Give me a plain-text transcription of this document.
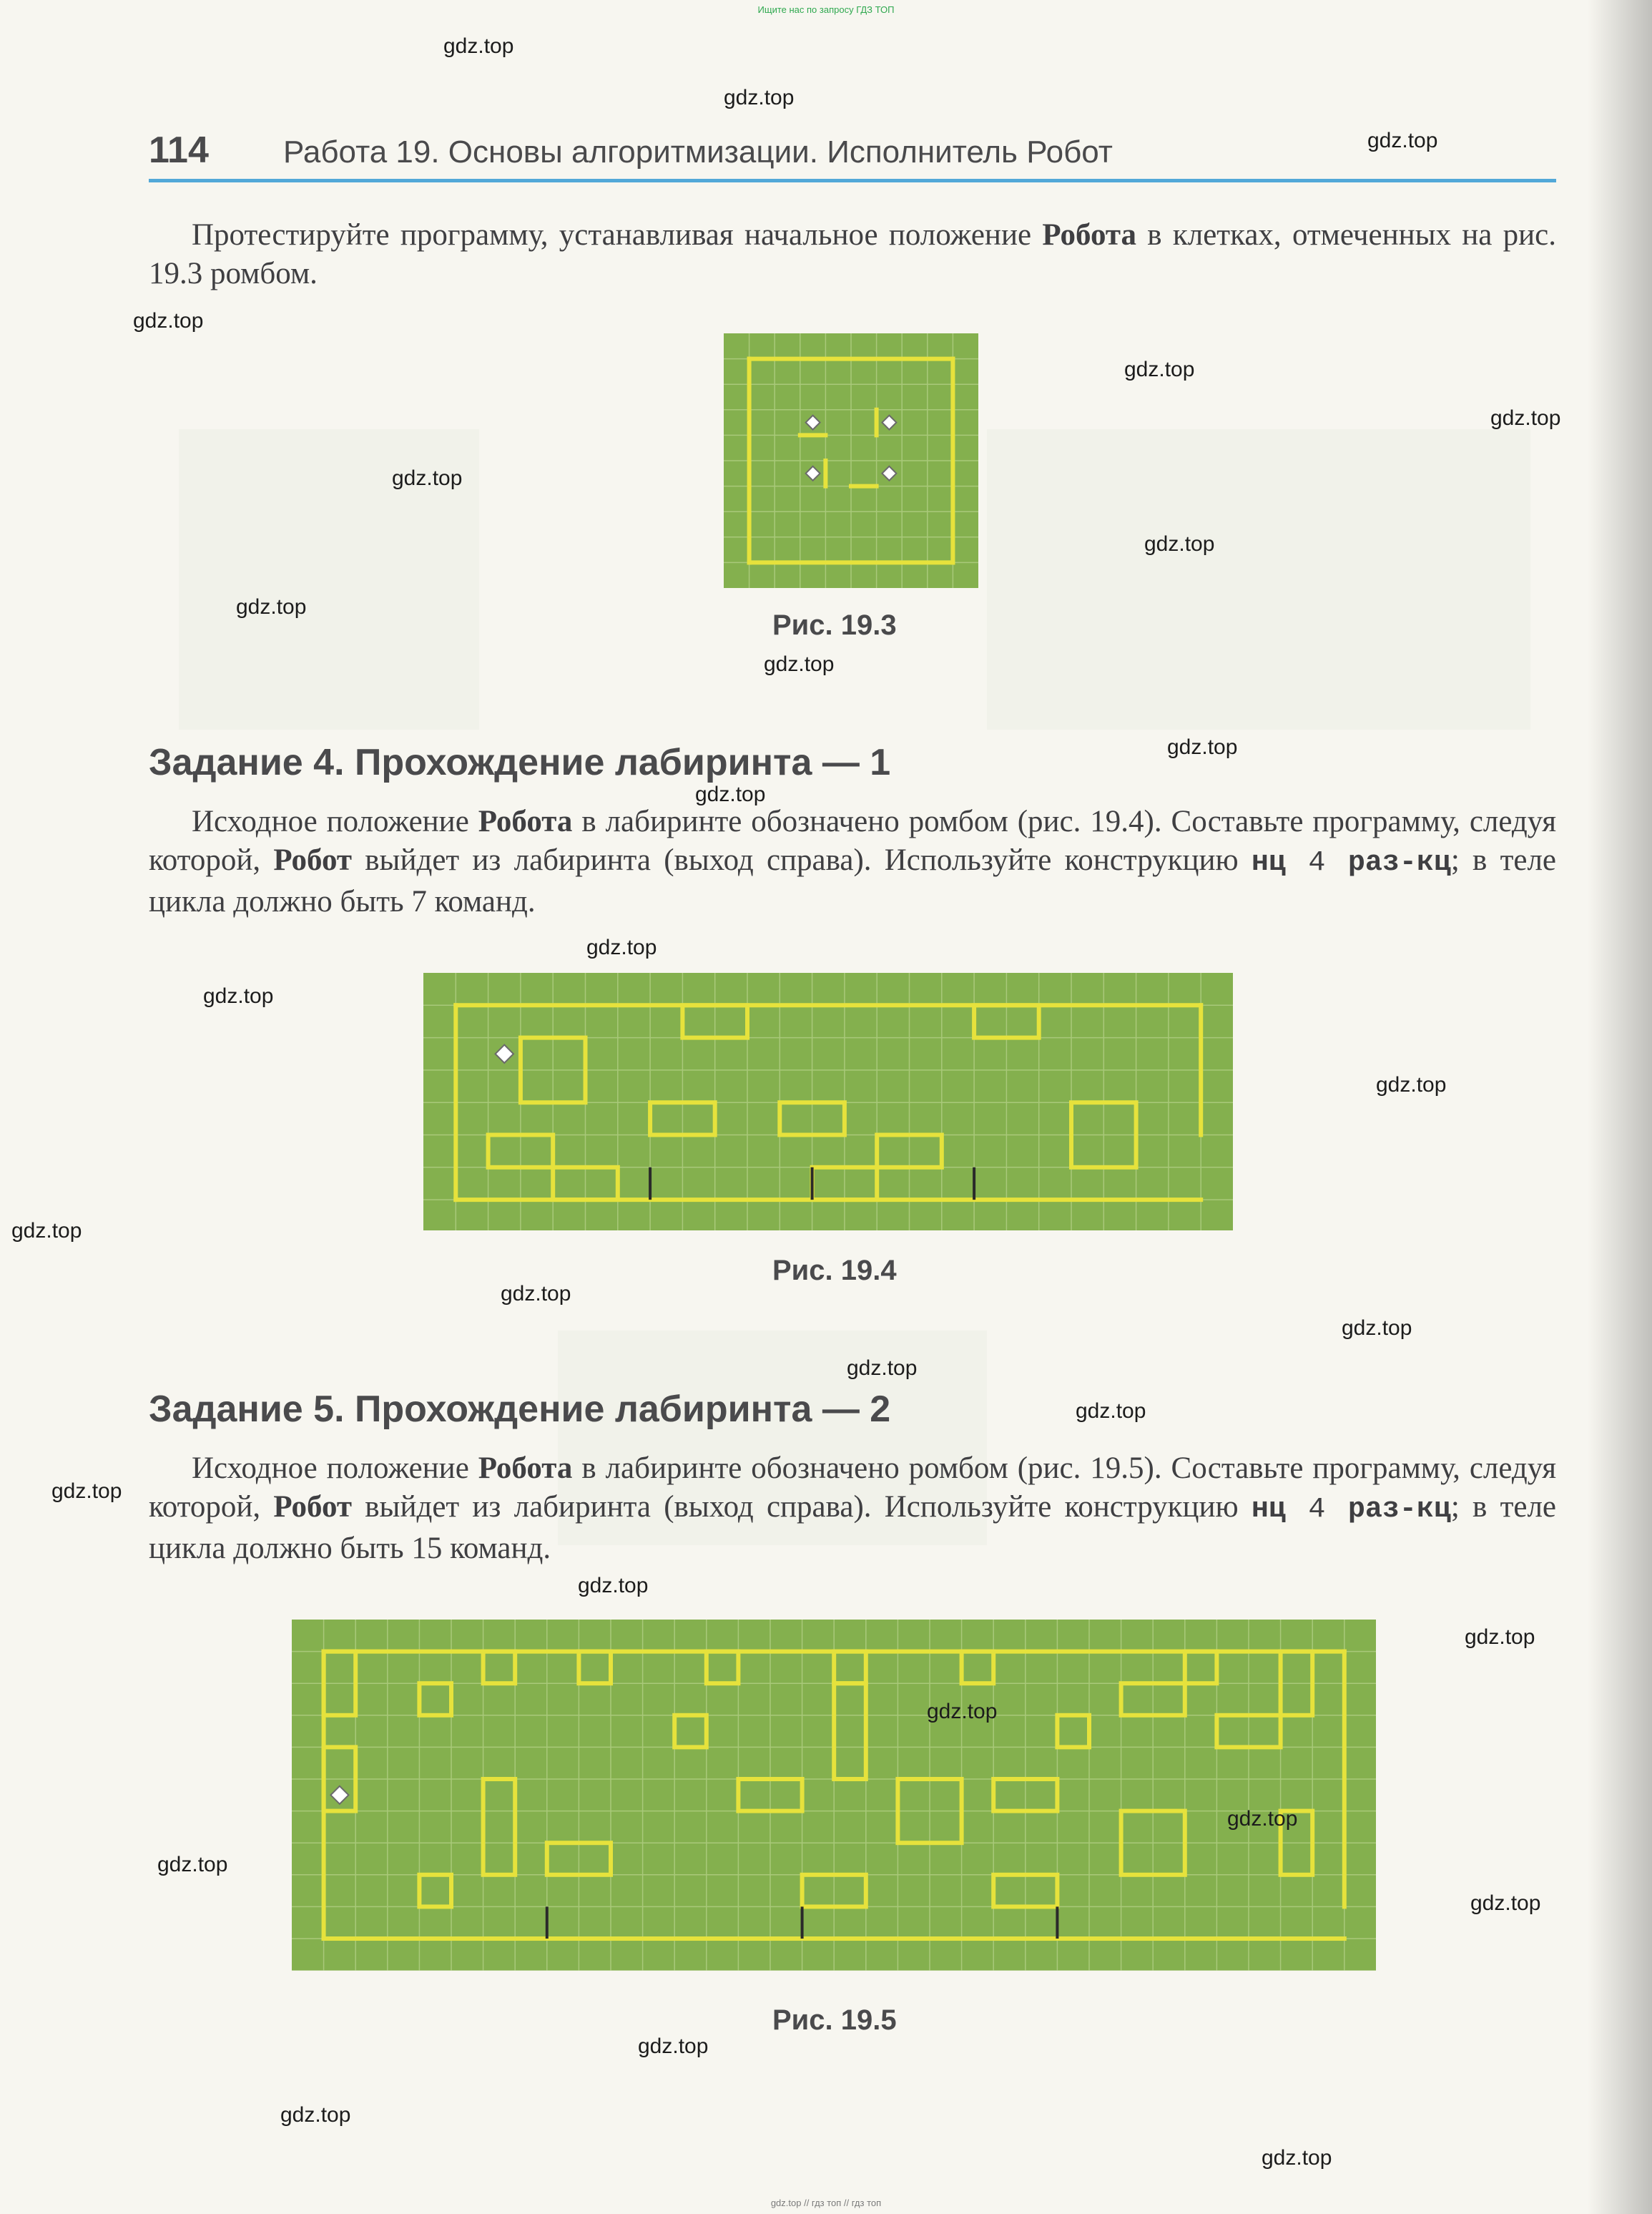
Ищите нас по запросу ГДЗ ТОП
114 Работа 19. Основы алгоритмизации. Исполнитель Робот
Протестируйте программу, устанавливая начальное положение Робота в клетках, отмеченных на рис. 19.3 ромбом.
Рис. 19.3
Задание 4. Прохождение лабиринта — 1
Исходное положение Робота в лабиринте обозначено ромбом (рис. 19.4). Составьте программу, следуя которой, Робот выйдет из лабиринта (выход справа). Используйте конструкцию нц 4 раз-кц; в теле цикла должно быть 7 команд.
Рис. 19.4
Задание 5. Прохождение лабиринта — 2
Исходное положение Робота в лабиринте обозначено ромбом (рис. 19.5). Составьте программу, следуя которой, Робот выйдет из лабиринта (выход справа). Используйте конструкцию нц 4 раз-кц; в теле цикла должно быть 15 команд.
Рис. 19.5
gdz.top
gdz.top
gdz.top
gdz.top
gdz.top
gdz.top
gdz.top
gdz.top
gdz.top
gdz.top
gdz.top
gdz.top
gdz.top
gdz.top
gdz.top
gdz.top
gdz.top
gdz.top
gdz.top
gdz.top
gdz.top
gdz.top
gdz.top
gdz.top
gdz.top
gdz.top
gdz.top
gdz.top
gdz.top
gdz.top
gdz.top // гдз топ // гдз топ
